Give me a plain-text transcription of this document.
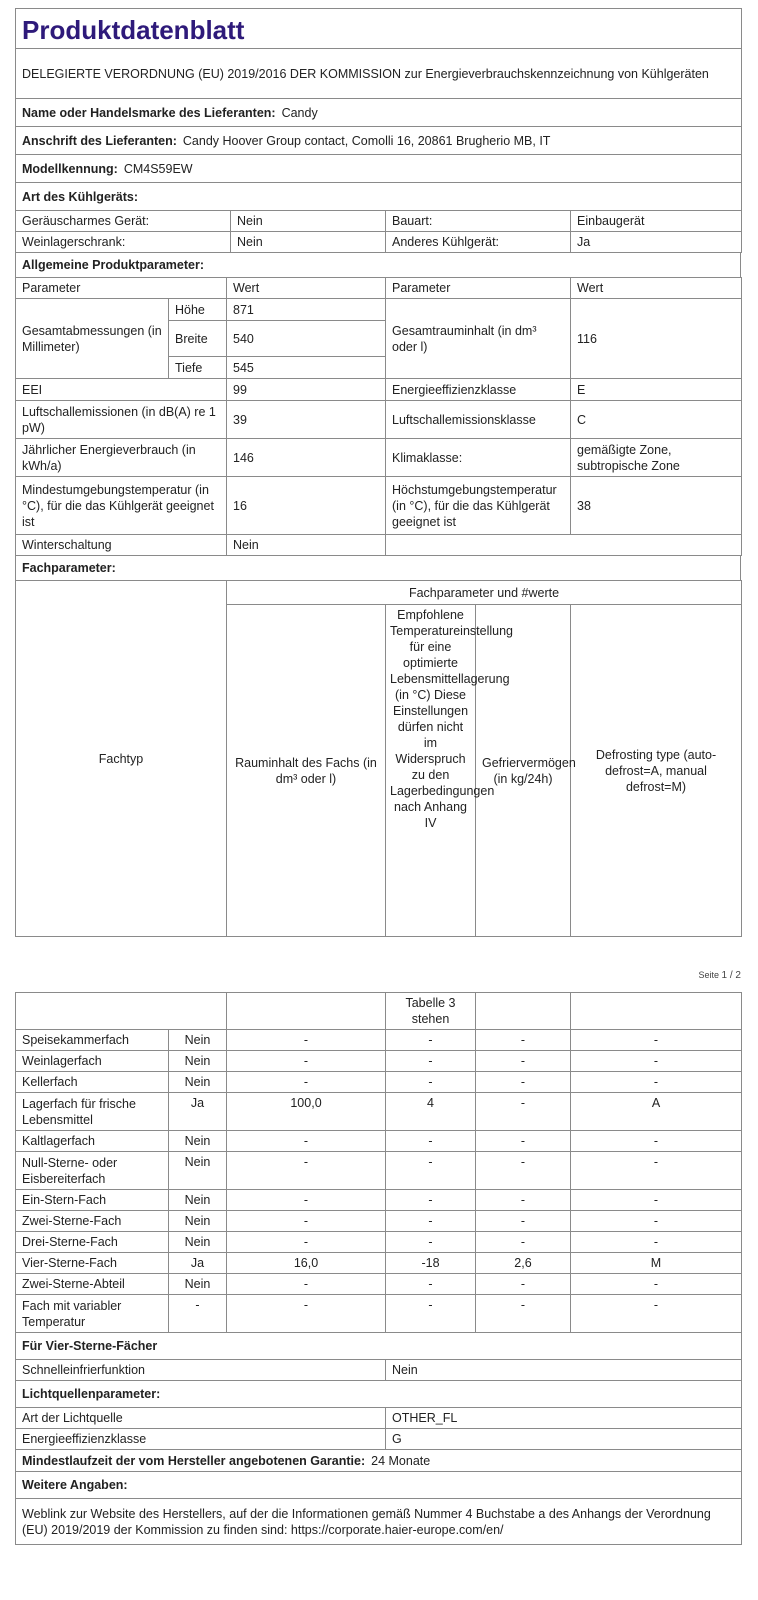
Produktdatenblatt
DELEGIERTE VERORDNUNG (EU) 2019/2016 DER KOMMISSION zur Energieverbrauchskennzeichnung von Kühlgeräten
Name oder Handelsmarke des Lieferanten: Candy
Anschrift des Lieferanten: Candy Hoover Group contact, Comolli 16, 20861 Brugherio MB, IT
Modellkennung: CM4S59EW
Art des Kühlgeräts:
Geräuscharmes Gerät:	Nein	Bauart:	Einbaugerät
Weinlagerschrank:	Nein	Anderes Kühlgerät:	Ja
Allgemeine Produktparameter:
Parameter		Wert	Parameter	Wert
Gesamtabmessungen (in Millimeter)	Höhe	871	Gesamtrauminhalt (in dm³ oder l)	116
	Breite	540		
	Tiefe	545		
EEI		99	Energieeffizienzklasse	E
Luftschallemissionen (in dB(A) re 1 pW)		39	Luftschallemissionsklasse	C
Jährlicher Energieverbrauch (in kWh/a)		146	Klimaklasse:	gemäßigte Zone, subtropische Zone
Mindestumgebungstemperatur (in °C), für die das Kühlgerät geeignet ist		16	Höchstumgebungstemperatur (in °C), für die das Kühlgerät geeignet ist	38
Winterschaltung		Nein		
Fachparameter:
Fachtyp	Fachparameter und #werte			
	Rauminhalt des Fachs (in dm³ oder l)	Empfohlene Temperatureinstellung für eine optimierte Lebensmittellagerung (in °C) Diese Einstellungen dürfen nicht im Widerspruch zu den Lagerbedingungen nach Anhang IV	Gefriervermögen (in kg/24h)	Defrosting type (auto-defrost=A, manual defrost=M)
Seite 1 / 2
			Tabelle 3 stehen		
Speisekammerfach	Nein	-	-	-	-
Weinlagerfach	Nein	-	-	-	-
Kellerfach	Nein	-	-	-	-
Lagerfach für frische Lebensmittel	Ja	100,0	4	-	A
Kaltlagerfach	Nein	-	-	-	-
Null-Sterne- oder Eisbereiterfach	Nein	-	-	-	-
Ein-Stern-Fach	Nein	-	-	-	-
Zwei-Sterne-Fach	Nein	-	-	-	-
Drei-Sterne-Fach	Nein	-	-	-	-
Vier-Sterne-Fach	Ja	16,0	-18	2,6	M
Zwei-Sterne-Abteil	Nein	-	-	-	-
Fach mit variabler Temperatur	-	-	-	-	-
Für Vier-Sterne-Fächer	
Schnelleinfrierfunktion	Nein
Lichtquellenparameter:	
Art der Lichtquelle	OTHER_FL
Energieeffizienzklasse	G
Mindestlaufzeit der vom Hersteller angebotenen Garantie: 24 Monate	
Weitere Angaben:	
Weblink zur Website des Herstellers, auf der die Informationen gemäß Nummer 4 Buchstabe a des Anhangs der Verordnung (EU) 2019/2019 der Kommission zu finden sind: https://corporate.haier-europe.com/en/	
